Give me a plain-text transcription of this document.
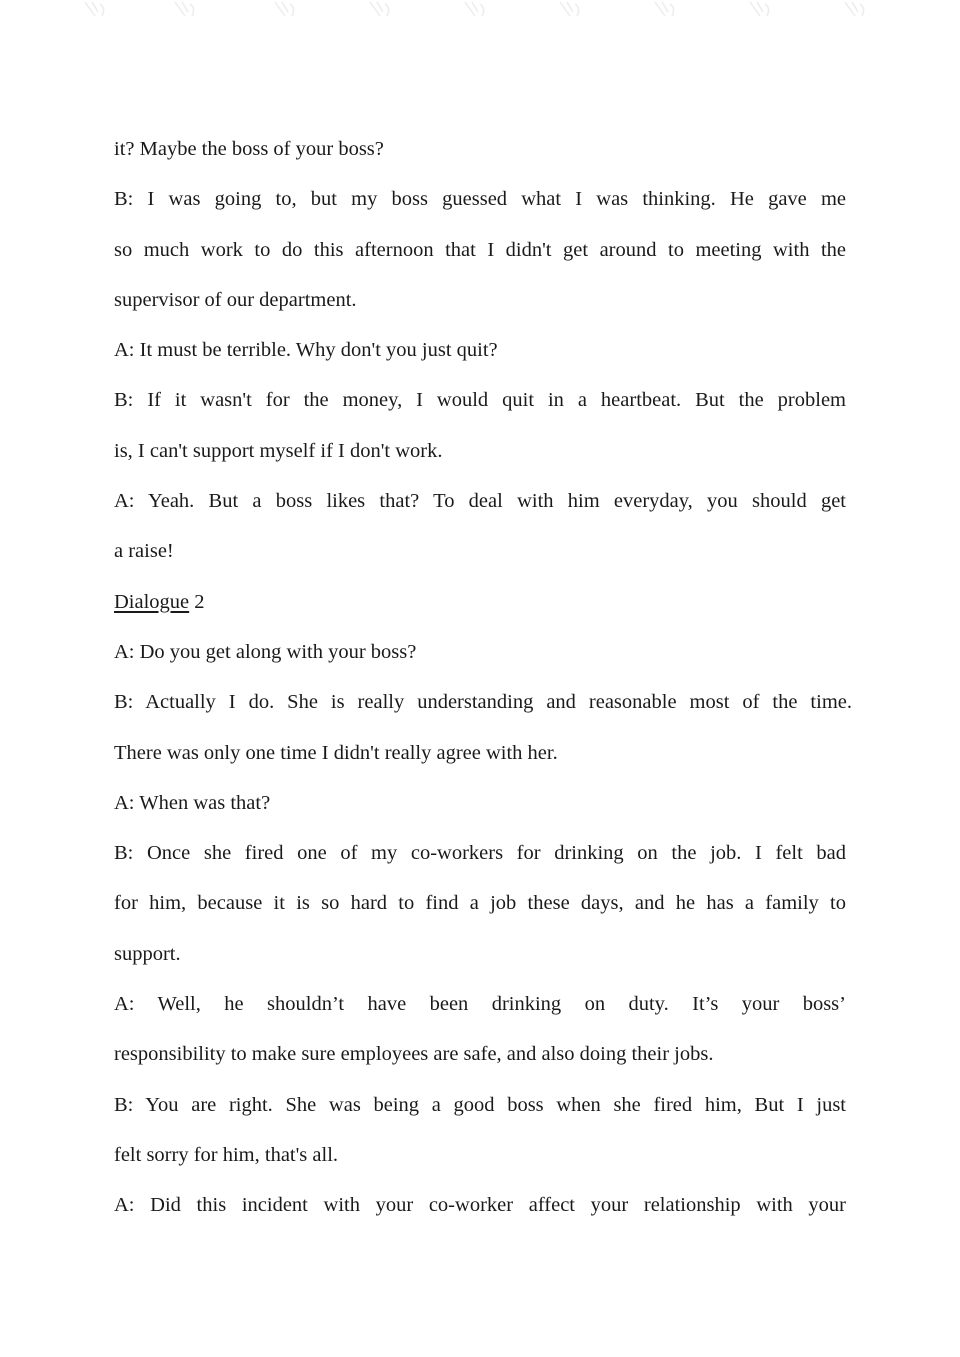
it? Maybe the boss of your boss?
B: I was going to, but my boss guessed what I was thinking. He gave me
so much work to do this afternoon that I didn't get around to meeting with the
supervisor of our department.
A: It must be terrible. Why don't you just quit?
B: If it wasn't for the money, I would quit in a heartbeat. But the problem
is, I can't support myself if I don't work.
A: Yeah. But a boss likes that? To deal with him everyday, you should get
a raise!
Dialogue 2
A: Do you get along with your boss?
B: Actually I do. She is really understanding and reasonable most of the time.
There was only one time I didn't really agree with her.
A: When was that?
B: Once she fired one of my co-workers for drinking on the job. I felt bad
for him, because it is so hard to find a job these days, and he has a family to
support.
A: Well, he shouldn’t have been drinking on duty. It’s your boss’
responsibility to make sure employees are safe, and also doing their jobs.
B: You are right. She was being a good boss when she fired him, But I just
felt sorry for him, that's all.
A: Did this incident with your co-worker affect your relationship with your
